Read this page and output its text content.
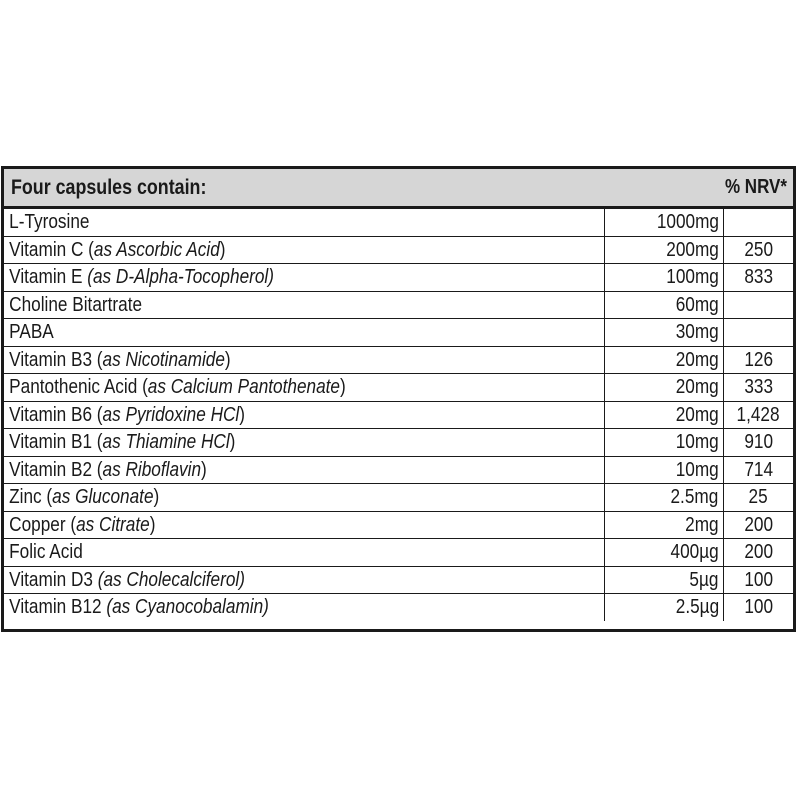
Four capsules contain:	% NRV*
L-Tyrosine	1000mg	
Vitamin C (as Ascorbic Acid)	200mg	250
Vitamin E (as D-Alpha-Tocopherol)	100mg	833
Choline Bitartrate	60mg	
PABA	30mg	
Vitamin B3 (as Nicotinamide)	20mg	126
Pantothenic Acid (as Calcium Pantothenate)	20mg	333
Vitamin B6 (as Pyridoxine HCl)	20mg	1,428
Vitamin B1 (as Thiamine HCl)	10mg	910
Vitamin B2 (as Riboflavin)	10mg	714
Zinc (as Gluconate)	2.5mg	25
Copper (as Citrate)	2mg	200
Folic Acid	400µg	200
Vitamin D3 (as Cholecalciferol)	5µg	100
Vitamin B12 (as Cyanocobalamin)	2.5µg	100
